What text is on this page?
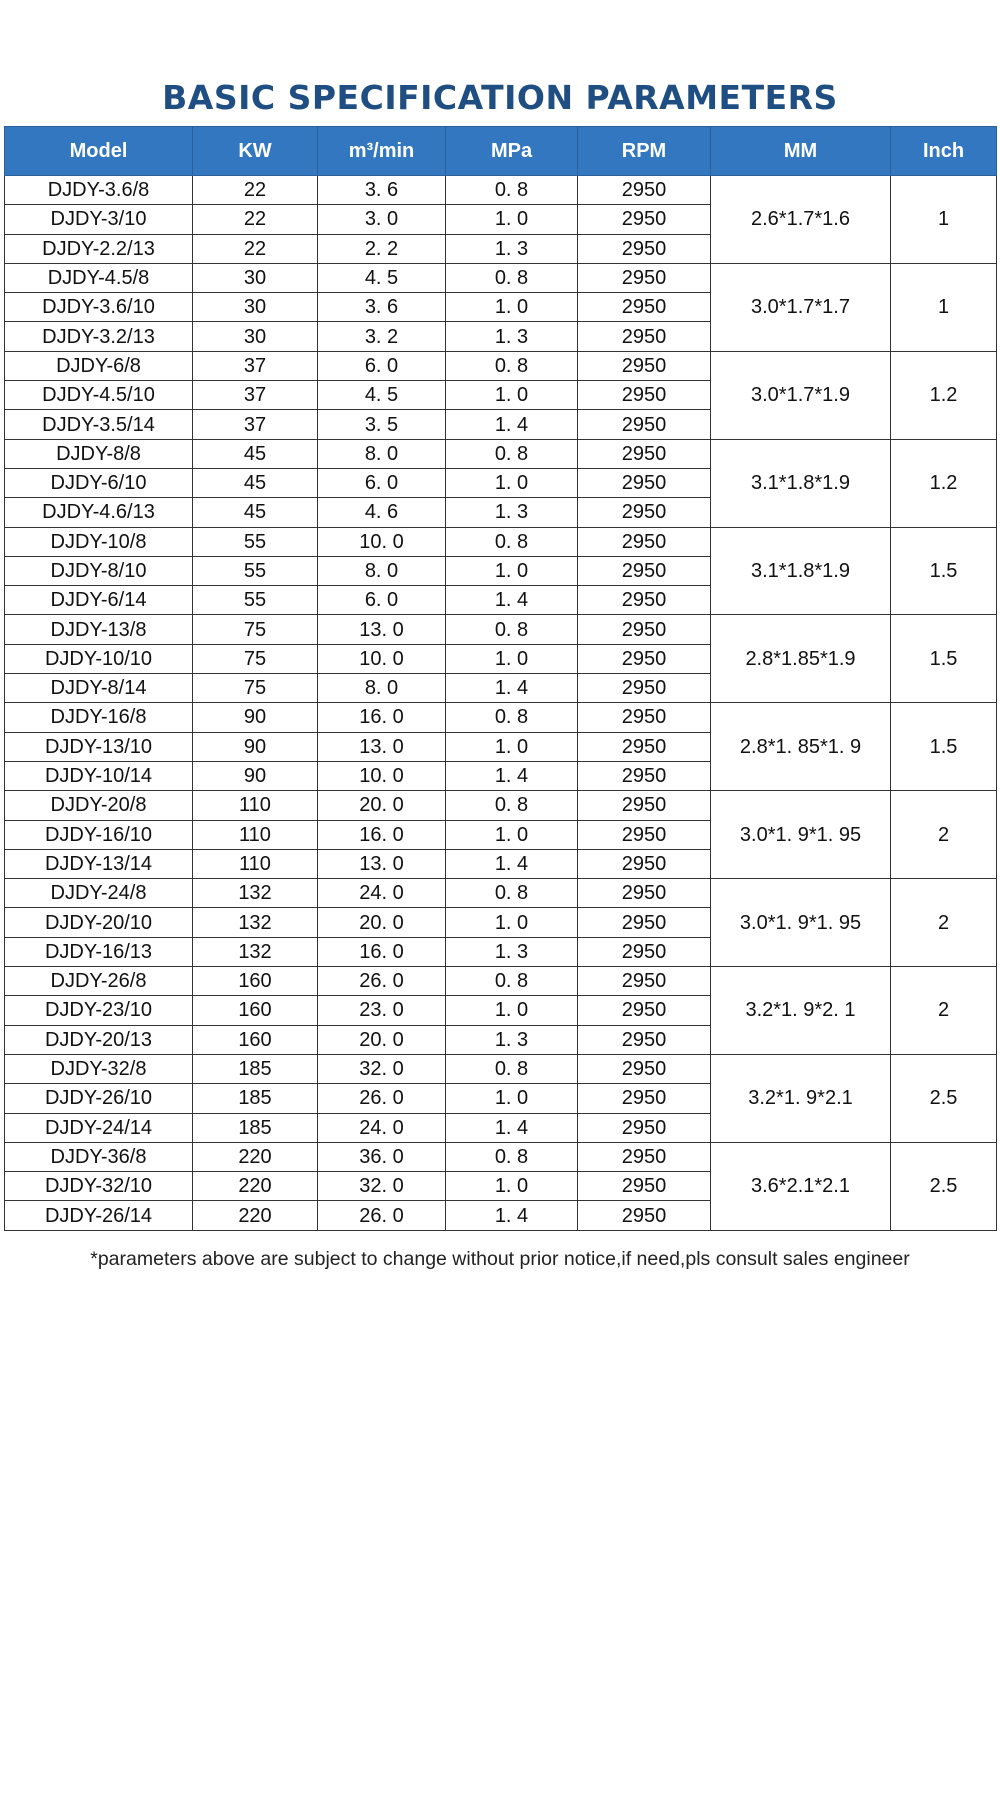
BASIC SPECIFICATION PARAMETERS
Model	KW	m³/min	MPa	RPM	MM	Inch
DJDY-3.6/8	22	3. 6	0. 8	2950	2.6*1.7*1.6	1
DJDY-3/10	22	3. 0	1. 0	2950		
DJDY-2.2/13	22	2. 2	1. 3	2950		
DJDY-4.5/8	30	4. 5	0. 8	2950	3.0*1.7*1.7	1
DJDY-3.6/10	30	3. 6	1. 0	2950		
DJDY-3.2/13	30	3. 2	1. 3	2950		
DJDY-6/8	37	6. 0	0. 8	2950	3.0*1.7*1.9	1.2
DJDY-4.5/10	37	4. 5	1. 0	2950		
DJDY-3.5/14	37	3. 5	1. 4	2950		
DJDY-8/8	45	8. 0	0. 8	2950	3.1*1.8*1.9	1.2
DJDY-6/10	45	6. 0	1. 0	2950		
DJDY-4.6/13	45	4. 6	1. 3	2950		
DJDY-10/8	55	10. 0	0. 8	2950	3.1*1.8*1.9	1.5
DJDY-8/10	55	8. 0	1. 0	2950		
DJDY-6/14	55	6. 0	1. 4	2950		
DJDY-13/8	75	13. 0	0. 8	2950	2.8*1.85*1.9	1.5
DJDY-10/10	75	10. 0	1. 0	2950		
DJDY-8/14	75	8. 0	1. 4	2950		
DJDY-16/8	90	16. 0	0. 8	2950	2.8*1. 85*1. 9	1.5
DJDY-13/10	90	13. 0	1. 0	2950		
DJDY-10/14	90	10. 0	1. 4	2950		
DJDY-20/8	110	20. 0	0. 8	2950	3.0*1. 9*1. 95	2
DJDY-16/10	110	16. 0	1. 0	2950		
DJDY-13/14	110	13. 0	1. 4	2950		
DJDY-24/8	132	24. 0	0. 8	2950	3.0*1. 9*1. 95	2
DJDY-20/10	132	20. 0	1. 0	2950		
DJDY-16/13	132	16. 0	1. 3	2950		
DJDY-26/8	160	26. 0	0. 8	2950	3.2*1. 9*2. 1	2
DJDY-23/10	160	23. 0	1. 0	2950		
DJDY-20/13	160	20. 0	1. 3	2950		
DJDY-32/8	185	32. 0	0. 8	2950	3.2*1. 9*2.1	2.5
DJDY-26/10	185	26. 0	1. 0	2950		
DJDY-24/14	185	24. 0	1. 4	2950		
DJDY-36/8	220	36. 0	0. 8	2950	3.6*2.1*2.1	2.5
DJDY-32/10	220	32. 0	1. 0	2950		
DJDY-26/14	220	26. 0	1. 4	2950		
*parameters above are subject to change without prior notice,if need,pls consult sales engineer
